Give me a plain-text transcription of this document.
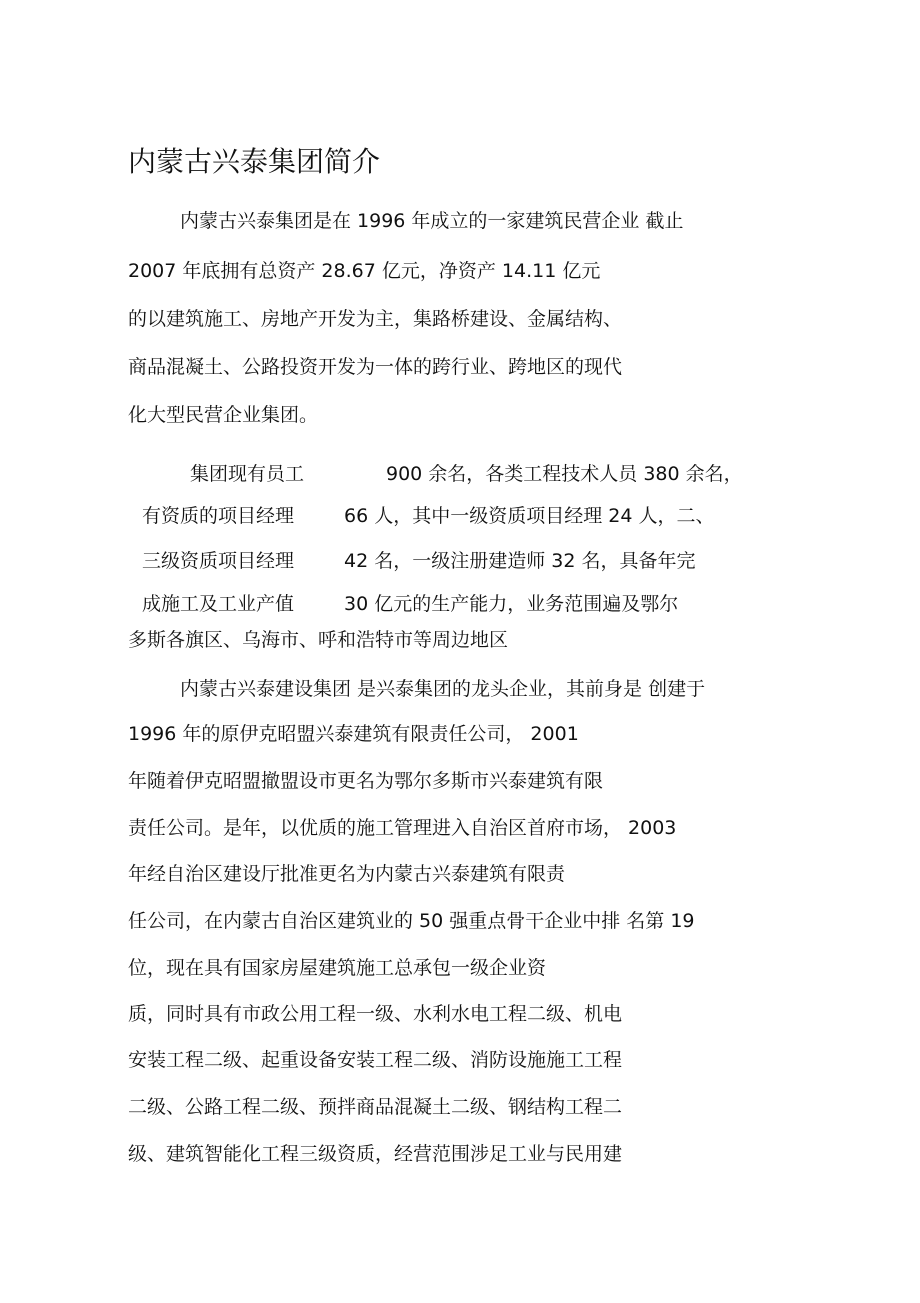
内蒙古兴泰集团简介

内蒙古兴泰集团是在 1996 年成立的一家建筑民营企业 截止

2007 年底拥有总资产 28.67 亿元，净资产 14.11 亿元

的以建筑施工、房地产开发为主，集路桥建设、金属结构、

商品混凝土、公路投资开发为一体的跨行业、跨地区的现代

化大型民营企业集团。

集团现有员工	900 余名，各类工程技术人员 380 余名，
有资质的项目经理	66 人，其中一级资质项目经理 24 人，二、
三级资质项目经理	42 名，一级注册建造师 32 名，具备年完
成施工及工业产值	30 亿元的生产能力，业务范围遍及鄂尔

多斯各旗区、乌海市、呼和浩特市等周边地区

内蒙古兴泰建设集团 是兴泰集团的龙头企业，其前身是 创建于

1996 年的原伊克昭盟兴泰建筑有限责任公司， 2001

年随着伊克昭盟撤盟设市更名为鄂尔多斯市兴泰建筑有限

责任公司。是年，以优质的施工管理进入自治区首府市场， 2003

年经自治区建设厅批准更名为内蒙古兴泰建筑有限责

任公司，在内蒙古自治区建筑业的 50 强重点骨干企业中排 名第 19

位，现在具有国家房屋建筑施工总承包一级企业资

质，同时具有市政公用工程一级、水利水电工程二级、机电

安装工程二级、起重设备安装工程二级、消防设施施工工程

二级、公路工程二级、预拌商品混凝土二级、钢结构工程二

级、建筑智能化工程三级资质，经营范围涉足工业与民用建
